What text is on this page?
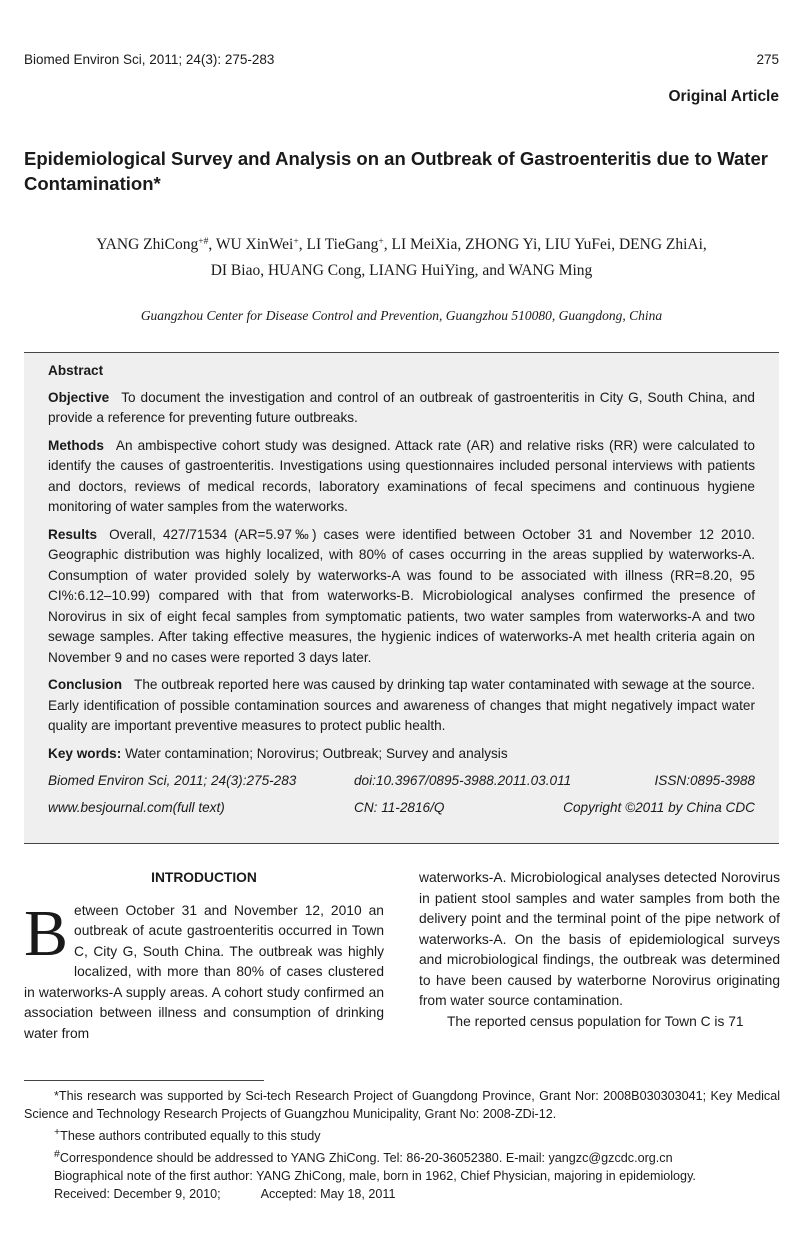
Biomed Environ Sci, 2011; 24(3): 275-283	275
Original Article
Epidemiological Survey and Analysis on an Outbreak of Gastroenteritis due to Water Contamination*
YANG ZhiCong+#, WU XinWei+, LI TieGang+, LI MeiXia, ZHONG Yi, LIU YuFei, DENG ZhiAi,
DI Biao, HUANG Cong, LIANG HuiYing, and WANG Ming
Guangzhou Center for Disease Control and Prevention, Guangzhou 510080, Guangdong, China
Abstract

Objective To document the investigation and control of an outbreak of gastroenteritis in City G, South China, and provide a reference for preventing future outbreaks.

Methods An ambispective cohort study was designed. Attack rate (AR) and relative risks (RR) were calculated to identify the causes of gastroenteritis. Investigations using questionnaires included personal interviews with patients and doctors, reviews of medical records, laboratory examinations of fecal specimens and continuous hygiene monitoring of water samples from the waterworks.

Results Overall, 427/71534 (AR=5.97‰) cases were identified between October 31 and November 12 2010. Geographic distribution was highly localized, with 80% of cases occurring in the areas supplied by waterworks-A. Consumption of water provided solely by waterworks-A was found to be associated with illness (RR=8.20, 95 CI%:6.12–10.99) compared with that from waterworks-B. Microbiological analyses confirmed the presence of Norovirus in six of eight fecal samples from symptomatic patients, two water samples from waterworks-A and two sewage samples. After taking effective measures, the hygienic indices of waterworks-A met health criteria again on November 9 and no cases were reported 3 days later.

Conclusion The outbreak reported here was caused by drinking tap water contaminated with sewage at the source. Early identification of possible contamination sources and awareness of changes that might negatively impact water quality are important preventive measures to protect public health.

Key words: Water contamination; Norovirus; Outbreak; Survey and analysis
Biomed Environ Sci, 2011; 24(3):275-283	doi:10.3967/0895-3988.2011.03.011	ISSN:0895-3988
www.besjournal.com(full text)	CN: 11-2816/Q	Copyright ©2011 by China CDC
INTRODUCTION
Between October 31 and November 12, 2010 an outbreak of acute gastroenteritis occurred in Town C, City G, South China. The outbreak was highly localized, with more than 80% of cases clustered in waterworks-A supply areas. A cohort study confirmed an association between illness and consumption of drinking water from
waterworks-A. Microbiological analyses detected Norovirus in patient stool samples and water samples from both the delivery point and the terminal point of the pipe network of waterworks-A. On the basis of epidemiological surveys and microbiological findings, the outbreak was determined to have been caused by waterborne Norovirus originating from water source contamination.
The reported census population for Town C is 71
*This research was supported by Sci-tech Research Project of Guangdong Province, Grant Nor: 2008B030303041; Key Medical Science and Technology Research Projects of Guangzhou Municipality, Grant No: 2008-ZDi-12.
+These authors contributed equally to this study
#Correspondence should be addressed to YANG ZhiCong. Tel: 86-20-36052380. E-mail: yangzc@gzcdc.org.cn
Biographical note of the first author: YANG ZhiCong, male, born in 1962, Chief Physician, majoring in epidemiology.
Received: December 9, 2010;	Accepted: May 18, 2011
